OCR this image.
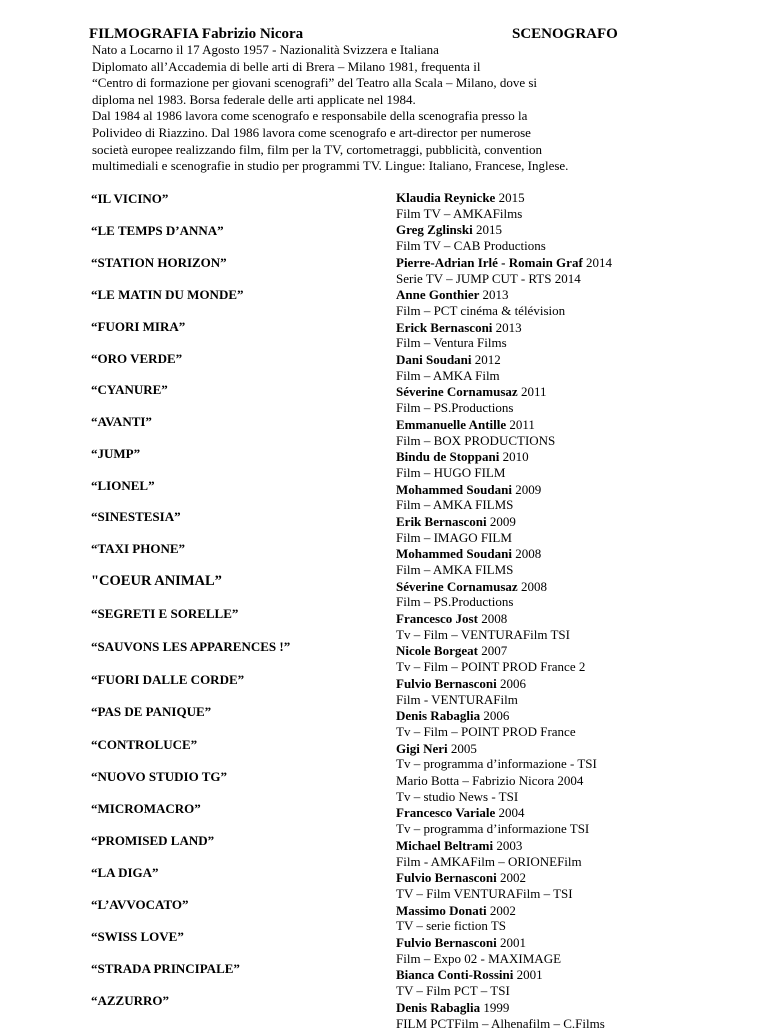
FILMOGRAFIA Fabrizio Nicora	SCENOGRAFO
Nato a Locarno il 17 Agosto 1957 - Nazionalità Svizzera e Italiana
Diplomato all’Accademia di belle arti di Brera – Milano 1981, frequenta il
“Centro di formazione per giovani scenografi” del Teatro alla Scala – Milano, dove si
diploma nel 1983. Borsa federale delle arti applicate nel 1984.
Dal 1984 al 1986 lavora come scenografo e responsabile della scenografia presso la
Polivideo di Riazzino. Dal 1986 lavora come scenografo e art-director per numerose
società europee realizzando film, film per la TV, cortometraggi, pubblicità, convention
multimediali e scenografie in studio per programmi TV. Lingue: Italiano, Francese, Inglese.
“IL VICINO”
“LE TEMPS D’ANNA”
“STATION HORIZON”
“LE MATIN DU MONDE”
“FUORI MIRA”
“ORO VERDE”
“CYANURE”
“AVANTI”
“JUMP”
“LIONEL”
“SINESTESIA”
“TAXI PHONE”
"COEUR ANIMAL”
“SEGRETI E SORELLE”
“SAUVONS LES APPARENCES !”
“FUORI DALLE CORDE”
“PAS DE PANIQUE”
“CONTROLUCE”
“NUOVO STUDIO TG”
“MICROMACRO”
“PROMISED LAND”
“LA DIGA”
“L’AVVOCATO”
“SWISS LOVE”
“STRADA PRINCIPALE”
“AZZURRO”
Klaudia Reynicke 2015
Film TV – AMKAFilms
Greg Zglinski 2015
Film TV – CAB Productions
Pierre-Adrian Irlé - Romain Graf 2014
Serie TV – JUMP CUT - RTS 2014
Anne Gonthier 2013
Film – PCT cinéma & télévision
Erick Bernasconi 2013
Film – Ventura Films
Dani Soudani 2012
Film – AMKA Film
Séverine Cornamusaz 2011
Film – PS.Productions
Emmanuelle Antille 2011
Film – BOX PRODUCTIONS
Bindu de Stoppani 2010
Film – HUGO FILM
Mohammed Soudani 2009
Film – AMKA FILMS
Erik Bernasconi 2009
Film – IMAGO FILM
Mohammed Soudani 2008
Film – AMKA FILMS
Séverine Cornamusaz 2008
Film – PS.Productions
Francesco Jost 2008
Tv – Film – VENTURAFilm TSI
Nicole Borgeat 2007
Tv – Film – POINT PROD France 2
Fulvio Bernasconi 2006
Film - VENTURAFilm
Denis Rabaglia 2006
Tv – Film – POINT PROD France
Gigi Neri 2005
Tv – programma d’informazione - TSI
Mario Botta – Fabrizio Nicora 2004
Tv – studio News - TSI
Francesco Variale 2004
Tv – programma d’informazione TSI
Michael Beltrami 2003
Film - AMKAFilm – ORIONEFilm
Fulvio Bernasconi 2002
TV – Film VENTURAFilm – TSI
Massimo Donati 2002
TV – serie fiction TS
Fulvio Bernasconi 2001
Film – Expo 02 - MAXIMAGE
Bianca Conti-Rossini 2001
TV – Film PCT – TSI
Denis Rabaglia 1999
FILM PCTFilm – Alhenafilm – C.Films
